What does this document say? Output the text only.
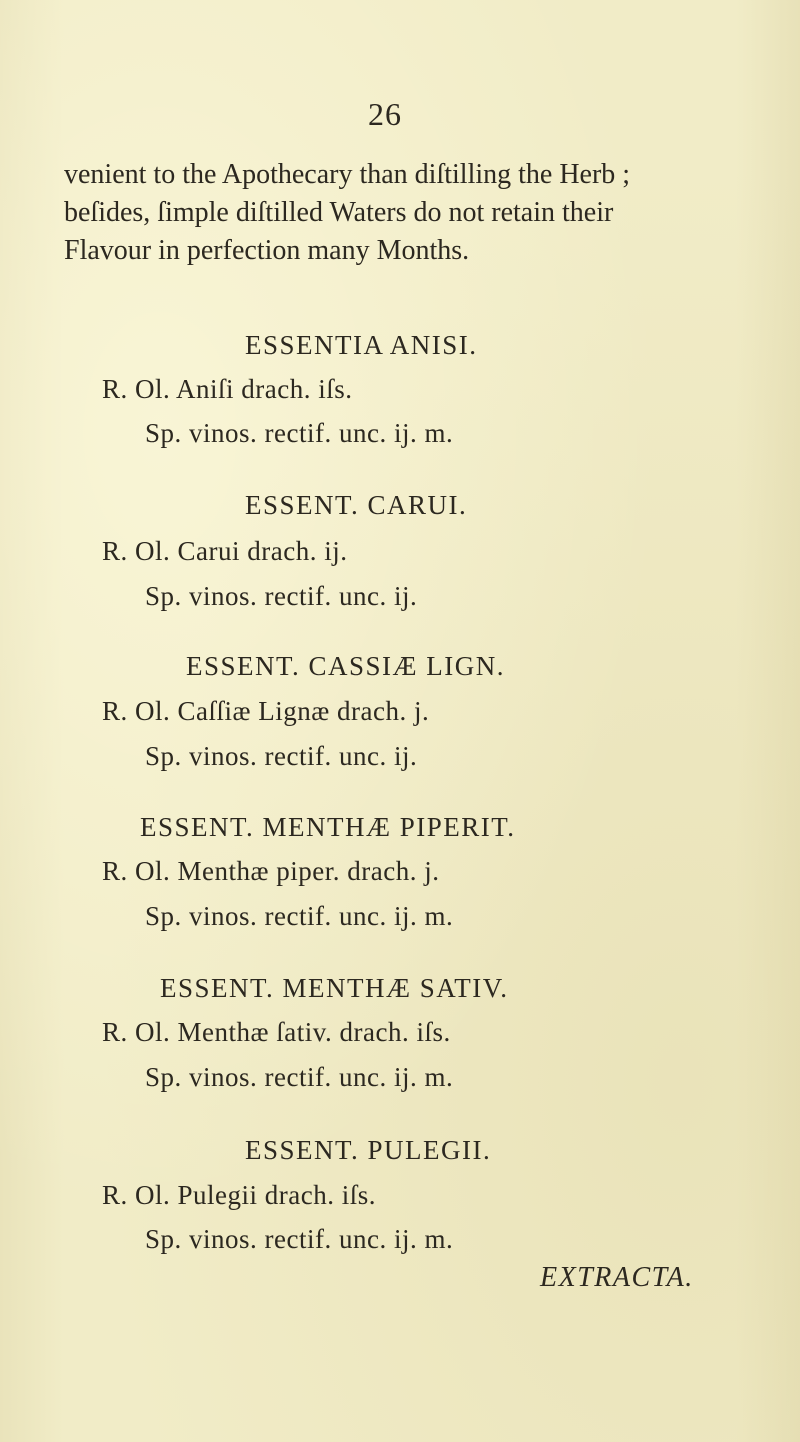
26
venient to the Apothecary than diſtilling the Herb ;
beſides, ſimple diſtilled Waters do not retain their
Flavour in perfection many Months.
ESSENTIA ANISI.
R. Ol. Aniſi drach. iſs.
Sp. vinos. rectif. unc. ij. m.
ESSENT. CARUI.
R. Ol. Carui drach. ij.
Sp. vinos. rectif. unc. ij.
ESSENT. CASSIÆ LIGN.
R. Ol. Caſſiæ Lignæ drach. j.
Sp. vinos. rectif. unc. ij.
ESSENT. MENTHÆ PIPERIT.
R. Ol. Menthæ piper. drach. j.
Sp. vinos. rectif. unc. ij. m.
ESSENT. MENTHÆ SATIV.
R. Ol. Menthæ ſativ. drach. iſs.
Sp. vinos. rectif. unc. ij. m.
ESSENT. PULEGII.
R. Ol. Pulegii drach. iſs.
Sp. vinos. rectif. unc. ij. m.
EXTRACTA.
